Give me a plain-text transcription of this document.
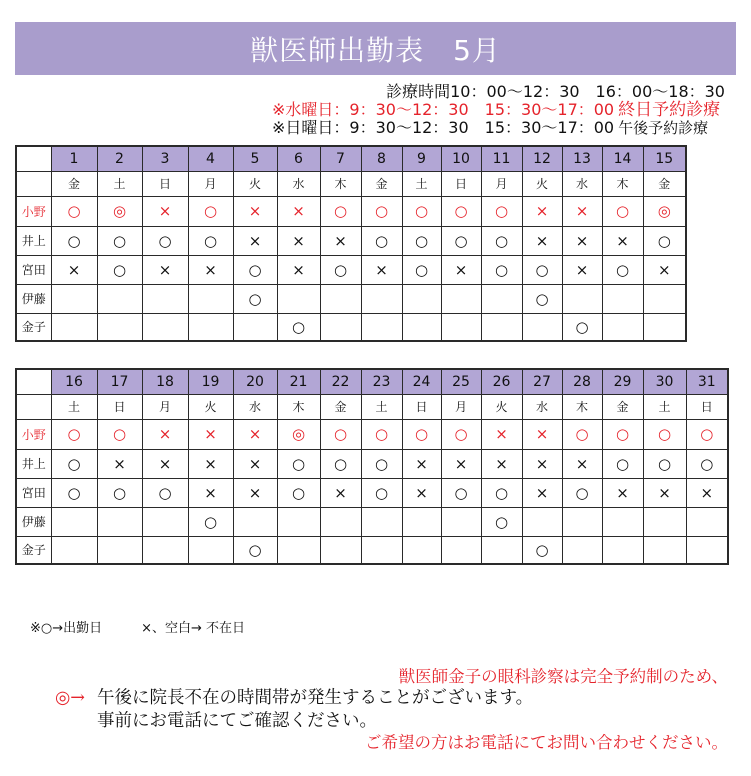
獣医師出勤表　5月
診療時間10：00～12：30　16：00～18：30
※水曜日：9：30～12：30　15：30～17：00 終日予約診療
※日曜日：9：30～12：30　15：30～17：00 午後予約診療
	1	2	3	4	5	6	7	8	9	10	11	12	13	14	15
	金	土	日	月	火	水	木	金	土	日	月	火	水	木	金
小野	○	◎	×	○	×	×	○	○	○	○	○	×	×	○	◎
井上	○	○	○	○	×	×	×	○	○	○	○	×	×	×	○
宮田	×	○	×	×	○	×	○	×	○	×	○	○	×	○	×
伊藤					○							○			
金子						○							○		
	16	17	18	19	20	21	22	23	24	25	26	27	28	29	30	31
	土	日	月	火	水	木	金	土	日	月	火	水	木	金	土	日
小野	○	○	×	×	×	◎	○	○	○	○	×	×	○	○	○	○
井上	○	×	×	×	×	○	○	○	×	×	×	×	×	○	○	○
宮田	○	○	○	×	×	○	×	○	×	○	○	×	○	×	×	×
伊藤				○							○					
金子					○							○				
※○→出勤日　　　×、空白→ 不在日

獣医師金子の眼科診察は完全予約制のため、

ご希望の方はお電話にてお問い合わせください。

◎→ 午後に院長不在の時間帯が発生することがございます。
事前にお電話にてご確認ください。
